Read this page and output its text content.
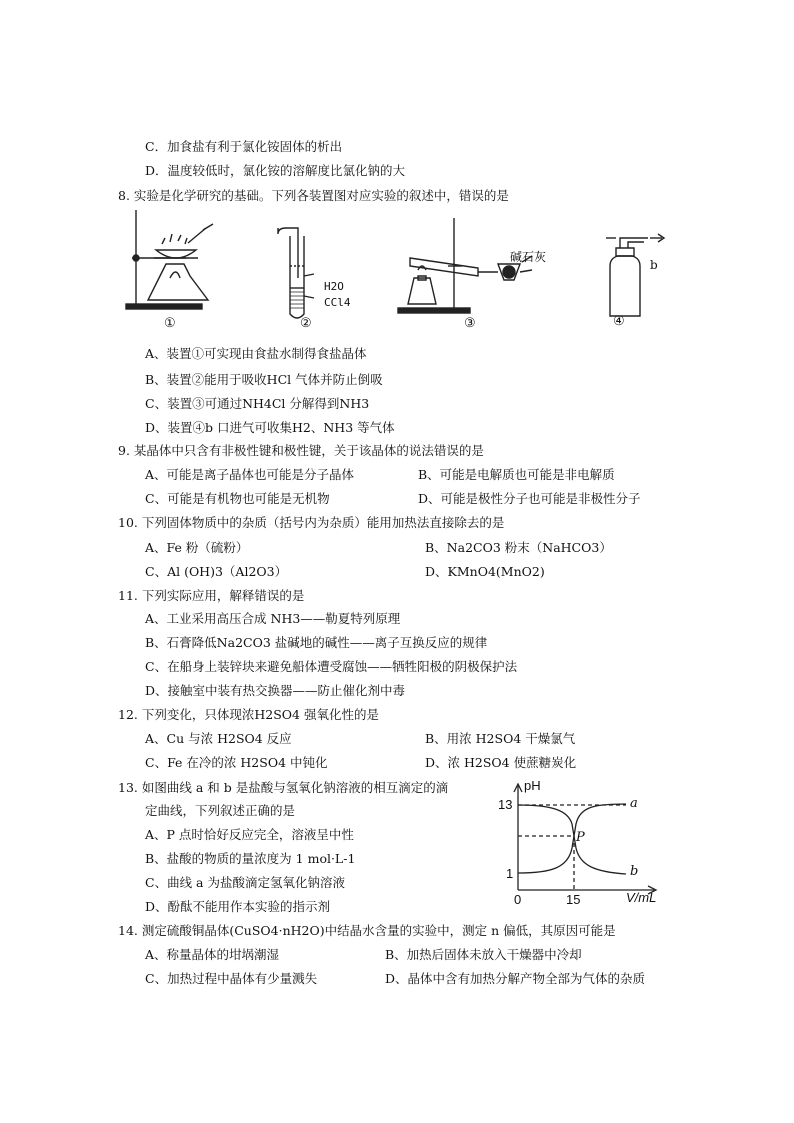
C．加食盐有利于氯化铵固体的析出
D．温度较低时，氯化铵的溶解度比氯化钠的大
8. 实验是化学研究的基础。下列各装置图对应实验的叙述中，错误的是
①	②	③	④
H2O
CCl4
碱石灰
b
A、装置①可实现由食盐水制得食盐晶体
B、装置②能用于吸收HCl 气体并防止倒吸
C、装置③可通过NH4Cl 分解得到NH3
D、装置④b 口进气可收集H2、NH3 等气体
9. 某晶体中只含有非极性键和极性键，关于该晶体的说法错误的是
A、可能是离子晶体也可能是分子晶体	B、可能是电解质也可能是非电解质
C、可能是有机物也可能是无机物	D、可能是极性分子也可能是非极性分子
10. 下列固体物质中的杂质（括号内为杂质）能用加热法直接除去的是
A、Fe 粉（硫粉）	B、Na2CO3 粉末（NaHCO3）
C、Al (OH)3（Al2O3）	D、KMnO4(MnO2)
11. 下列实际应用，解释错误的是
A、工业采用高压合成 NH3——勒夏特列原理
B、石膏降低Na2CO3 盐碱地的碱性——离子互换反应的规律
C、在船身上装锌块来避免船体遭受腐蚀——牺牲阳极的阴极保护法
D、接触室中装有热交换器——防止催化剂中毒
12. 下列变化，只体现浓H2SO4 强氧化性的是
A、Cu 与浓 H2SO4 反应	B、用浓 H2SO4 干燥氯气
C、Fe 在冷的浓 H2SO4 中钝化	D、浓 H2SO4 使蔗糖炭化
13. 如图曲线 a 和 b 是盐酸与氢氧化钠溶液的相互滴定的滴
定曲线，下列叙述正确的是
A、P 点时恰好反应完全，溶液呈中性
B、盐酸的物质的量浓度为 1 mol·L-1
C、曲线 a 为盐酸滴定氢氧化钠溶液
D、酚酞不能用作本实验的指示剂
pH
13
1
0	15	V/mL
P
a
b
14. 测定硫酸铜晶体(CuSO4·nH2O)中结晶水含量的实验中，测定 n 偏低，其原因可能是
A、称量晶体的坩埚潮湿	B、加热后固体未放入干燥器中冷却
C、加热过程中晶体有少量溅失	D、晶体中含有加热分解产物全部为气体的杂质
